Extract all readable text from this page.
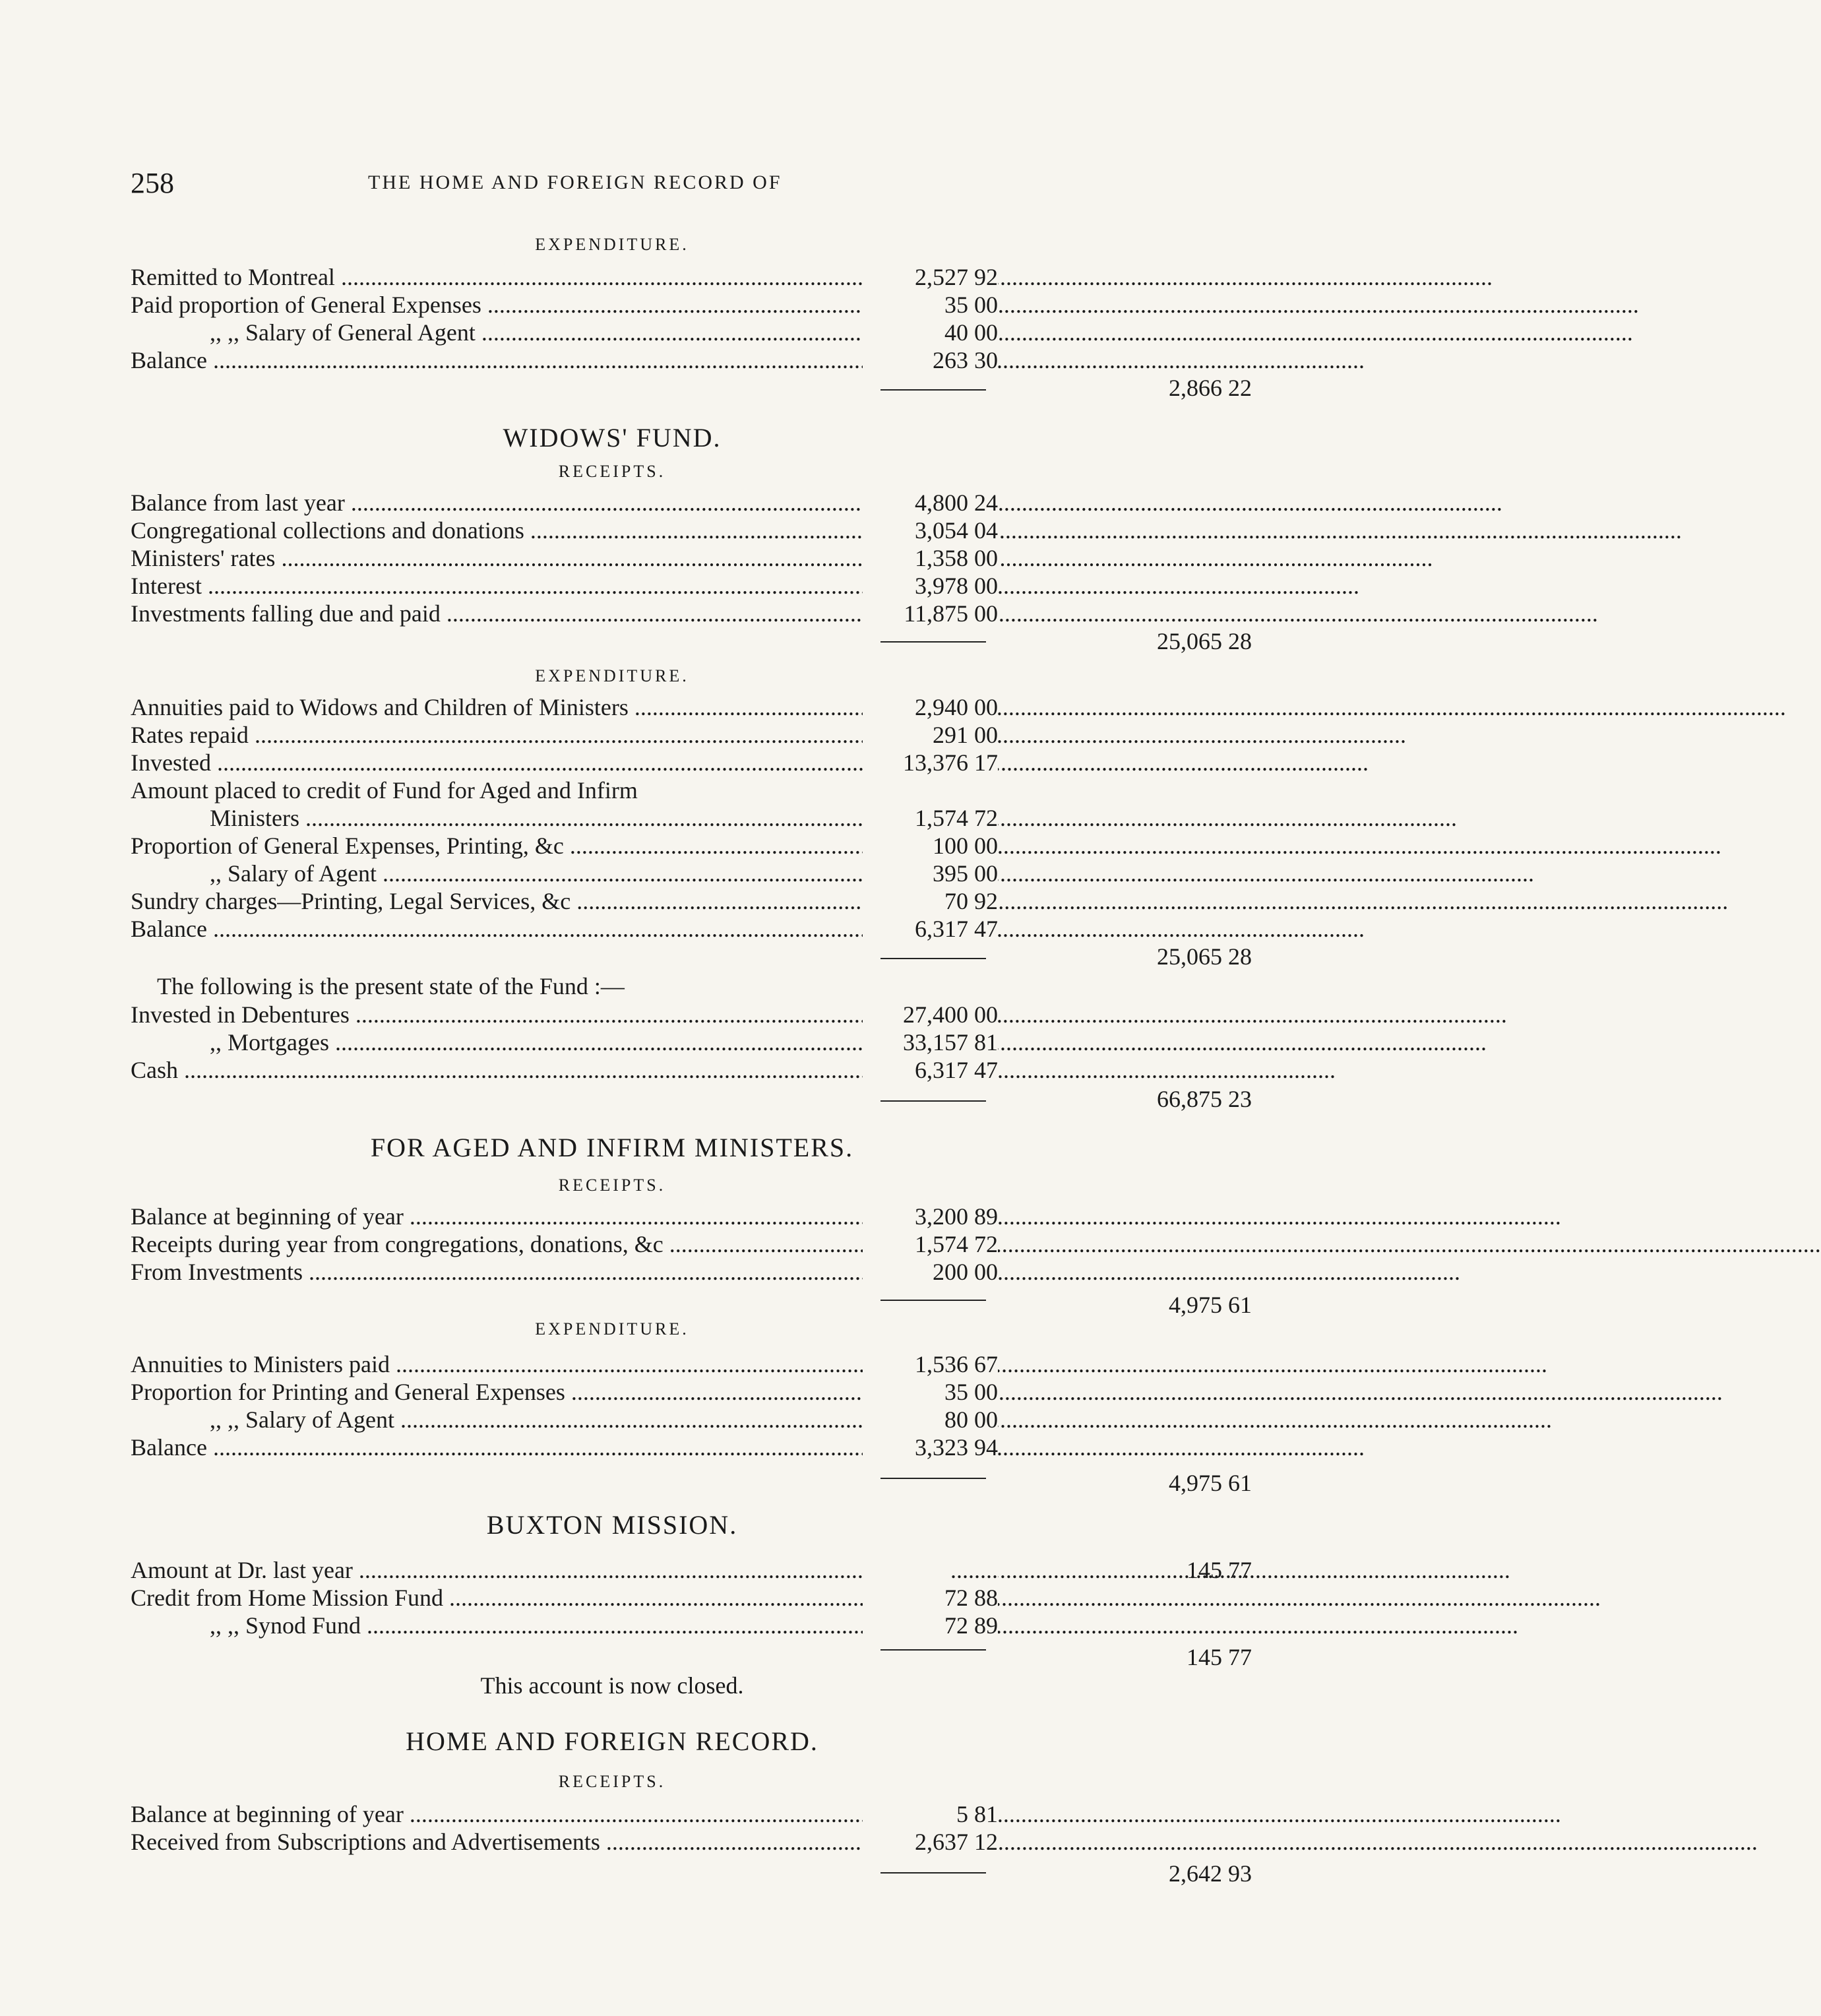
258	THE HOME AND FOREIGN RECORD OF
EXPENDITURE.
Remitted to Montreal .....	2,527 92
Paid proportion of General Expenses .....	35 00
,, ,, Salary of General Agent .....	40 00
Balance .....	263 30
2,866 22
WIDOWS' FUND.
RECEIPTS.
Balance from last year .....	4,800 24
Congregational collections and donations .....	3,054 04
Ministers' rates .....	1,358 00
Interest .....	3,978 00
Investments falling due and paid .....	11,875 00
25,065 28
EXPENDITURE.
Annuities paid to Widows and Children of Ministers .....	2,940 00
Rates repaid .....	291 00
Invested .....	13,376 17
Amount placed to credit of Fund for Aged and Infirm
Ministers .....	1,574 72
Proportion of General Expenses, Printing, &c .....	100 00
,, Salary of Agent .....	395 00
Sundry charges—Printing, Legal Services, &c .....	70 92
Balance .....	6,317 47
25,065 28
The following is the present state of the Fund :—
Invested in Debentures .....	27,400 00
,, Mortgages .....	33,157 81
Cash .....	6,317 47
66,875 23
FOR AGED AND INFIRM MINISTERS.
RECEIPTS.
Balance at beginning of year .....	3,200 89
Receipts during year from congregations, donations, &c .....	1,574 72
From Investments .....	200 00
4,975 61
EXPENDITURE.
Annuities to Ministers paid .....	1,536 67
Proportion for Printing and General Expenses .....	35 00
,, ,, Salary of Agent .....	80 00
Balance .....	3,323 94
4,975 61
BUXTON MISSION.
Amount at Dr. last year .....	........	145 77
Credit from Home Mission Fund .....	72 88
,, ,, Synod Fund .....	72 89
145 77
This account is now closed.
HOME AND FOREIGN RECORD.
RECEIPTS.
Balance at beginning of year .....	5 81
Received from Subscriptions and Advertisements .....	2,637 12
2,642 93
